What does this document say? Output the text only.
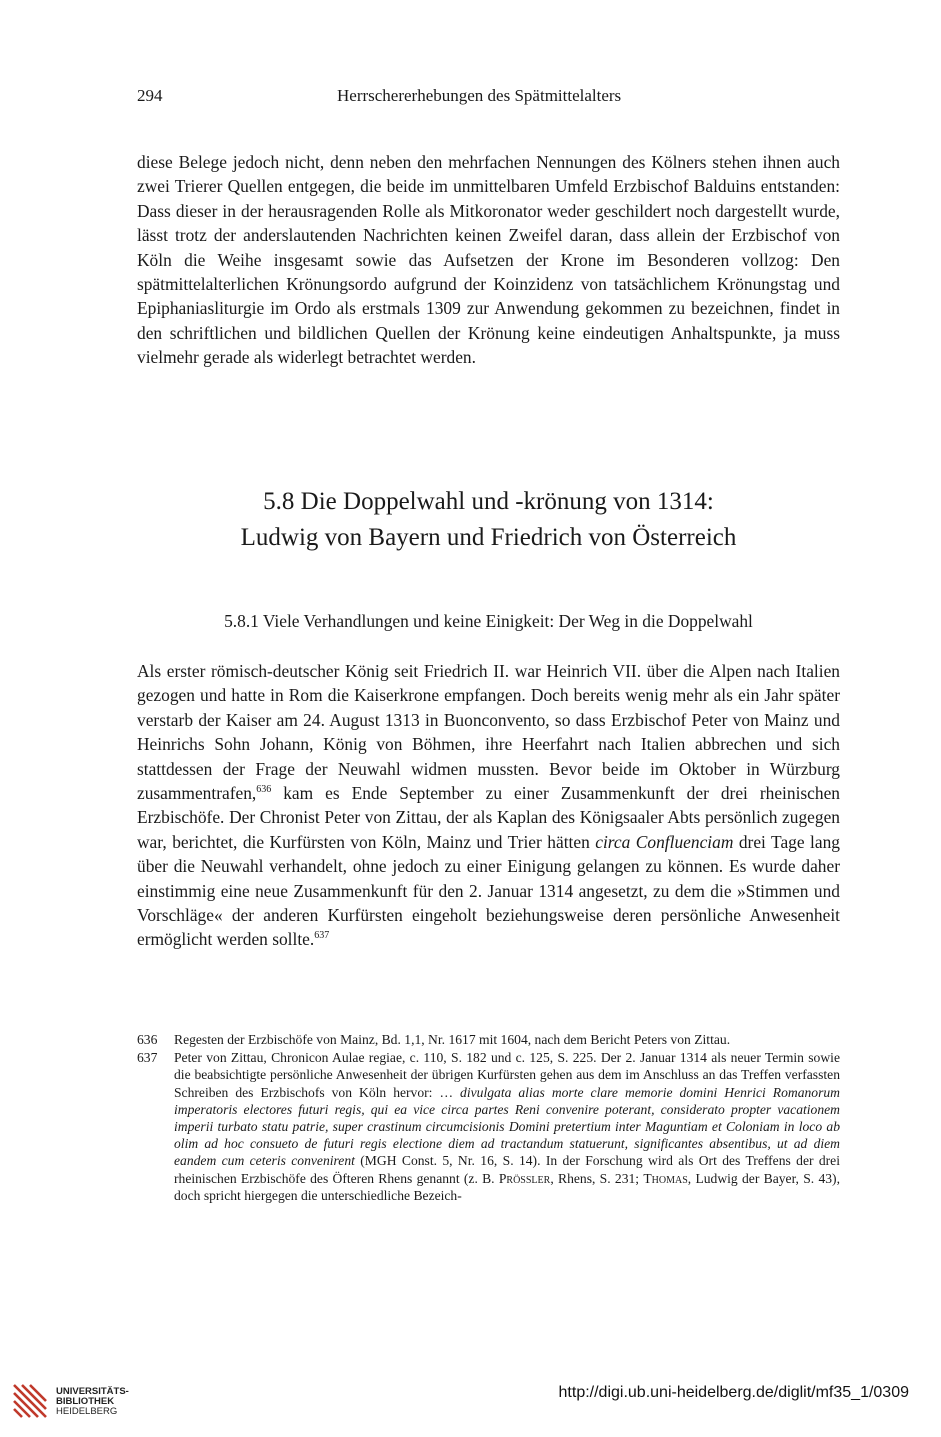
294	Herrschererhebungen des Spätmittelalters

diese Belege jedoch nicht, denn neben den mehrfachen Nennungen des Kölners stehen ihnen auch zwei Trierer Quellen entgegen, die beide im unmittelbaren Umfeld Erzbischof Balduins entstanden: Dass dieser in der herausragenden Rolle als Mitkoronator weder geschildert noch dargestellt wurde, lässt trotz der anderslautenden Nachrichten keinen Zweifel daran, dass allein der Erzbischof von Köln die Weihe insgesamt sowie das Aufsetzen der Krone im Besonderen vollzog: Den spätmittelalterlichen Krönungsordo aufgrund der Koinzidenz von tatsächlichem Krönungstag und Epiphaniasliturgie im Ordo als erstmals 1309 zur Anwendung gekommen zu bezeichnen, findet in den schriftlichen und bildlichen Quellen der Krönung keine eindeutigen Anhaltspunkte, ja muss vielmehr gerade als widerlegt betrachtet werden.

5.8 Die Doppelwahl und -krönung von 1314:
Ludwig von Bayern und Friedrich von Österreich
5.8.1 Viele Verhandlungen und keine Einigkeit: Der Weg in die Doppelwahl

Als erster römisch-deutscher König seit Friedrich II. war Heinrich VII. über die Alpen nach Italien gezogen und hatte in Rom die Kaiserkrone empfangen. Doch bereits wenig mehr als ein Jahr später verstarb der Kaiser am 24. August 1313 in Buonconvento, so dass Erzbischof Peter von Mainz und Heinrichs Sohn Johann, König von Böhmen, ihre Heerfahrt nach Italien abbrechen und sich stattdessen der Frage der Neuwahl widmen mussten. Bevor beide im Oktober in Würzburg zusammentrafen,$^{636}$ kam es Ende September zu einer Zusammenkunft der drei rheinischen Erzbischöfe. Der Chronist Peter von Zittau, der als Kaplan des Königsaaler Abts persönlich zugegen war, berichtet, die Kurfürsten von Köln, Mainz und Trier hätten circa Confluenciam drei Tage lang über die Neuwahl verhandelt, ohne jedoch zu einer Einigung gelangen zu können. Es wurde daher einstimmig eine neue Zusammenkunft für den 2. Januar 1314 angesetzt, zu dem die »Stimmen und Vorschläge« der anderen Kurfürsten eingeholt beziehungsweise deren persönliche Anwesenheit ermöglicht werden sollte.$^{637}$

636 Regesten der Erzbischöfe von Mainz, Bd. 1,1, Nr. 1617 mit 1604, nach dem Bericht Peters von Zittau.
637 Peter von Zittau, Chronicon Aulae regiae, c. 110, S. 182 und c. 125, S. 225. Der 2. Januar 1314 als neuer Termin sowie die beabsichtigte persönliche Anwesenheit der übrigen Kurfürsten gehen aus dem im Anschluss an das Treffen verfassten Schreiben des Erzbischofs von Köln hervor: … divulgata alias morte clare memorie domini Henrici Romanorum imperatoris electores futuri regis, qui ea vice circa partes Reni convenire poterant, considerato propter vacationem imperii turbato statu patrie, super crastinum circumcisionis Domini pretertium inter Maguntiam et Coloniam in loco ab olim ad hoc consueto de futuri regis electione diem ad tractandum statuerunt, significantes absentibus, ut ad diem eandem cum ceteris convenirent (MGH Const. 5, Nr. 16, S. 14). In der Forschung wird als Ort des Treffens der drei rheinischen Erzbischöfe des Öfteren Rhens genannt (z. B. Prössler, Rhens, S. 231; Thomas, Ludwig der Bayer, S. 43), doch spricht hiergegen die unterschiedliche Bezeich-
UNIVERSITÄTS-
BIBLIOTHEK
HEIDELBERG
http://digi.ub.uni-heidelberg.de/diglit/mf35_1/0309
